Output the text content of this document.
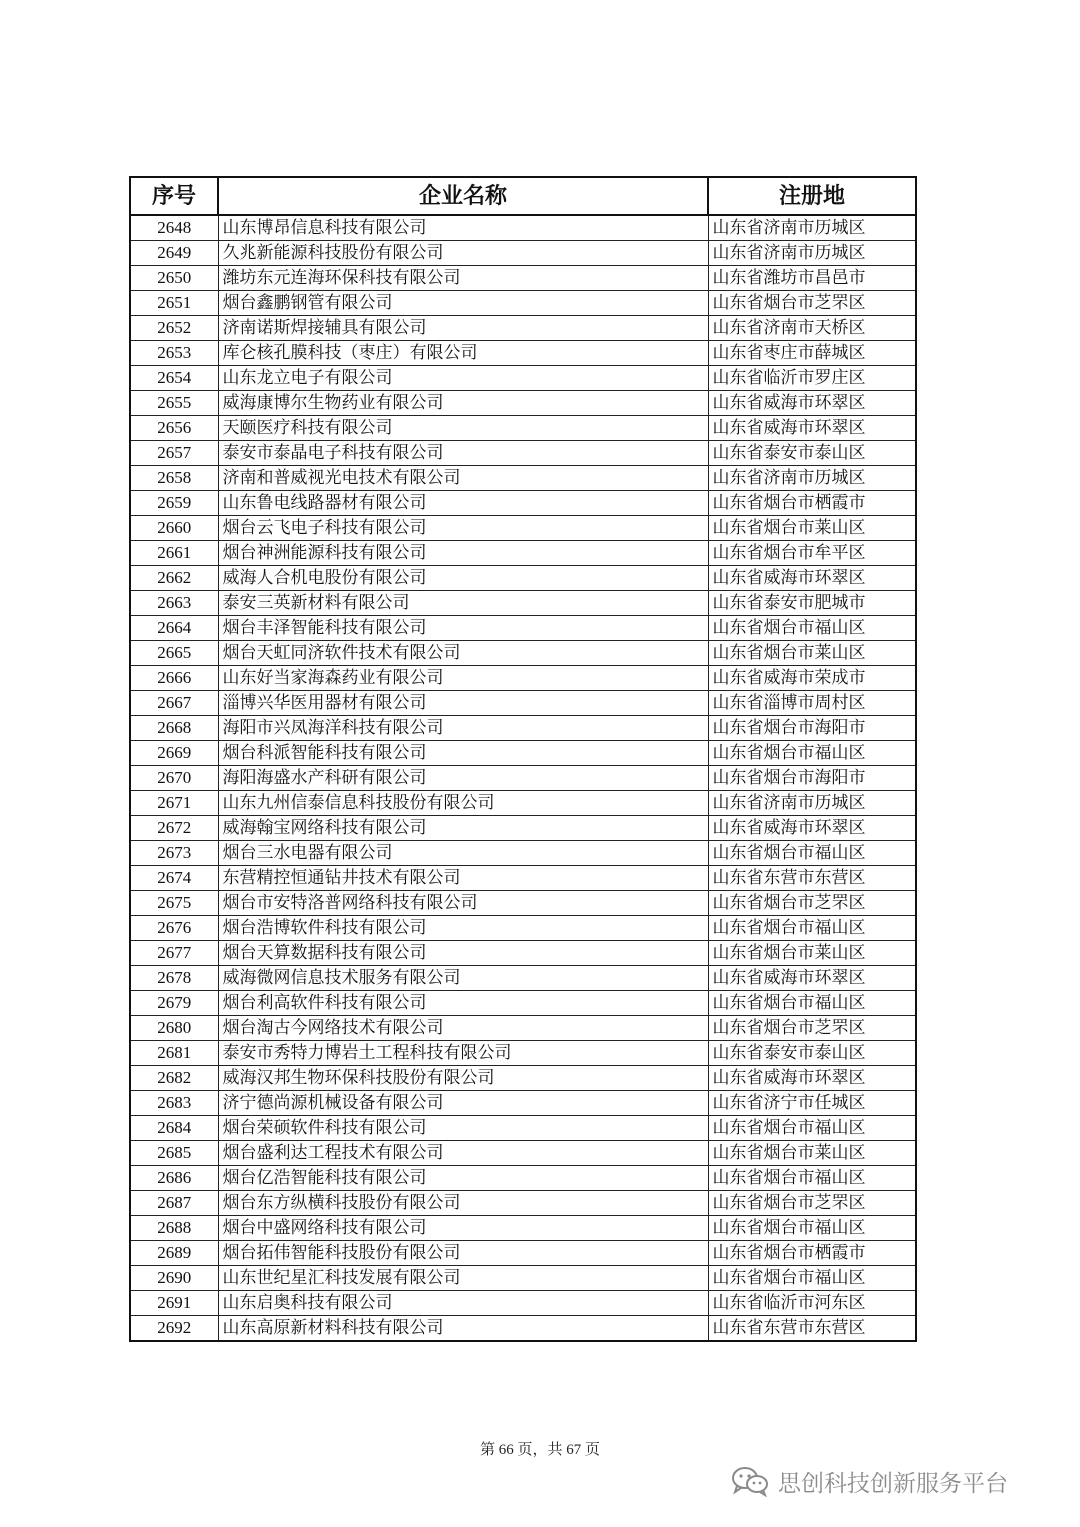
序号	企业名称	注册地
2648	山东博昂信息科技有限公司	山东省济南市历城区
2649	久兆新能源科技股份有限公司	山东省济南市历城区
2650	潍坊东元连海环保科技有限公司	山东省潍坊市昌邑市
2651	烟台鑫鹏钢管有限公司	山东省烟台市芝罘区
2652	济南诺斯焊接辅具有限公司	山东省济南市天桥区
2653	库仑核孔膜科技（枣庄）有限公司	山东省枣庄市薛城区
2654	山东龙立电子有限公司	山东省临沂市罗庄区
2655	威海康博尔生物药业有限公司	山东省威海市环翠区
2656	天颐医疗科技有限公司	山东省威海市环翠区
2657	泰安市泰晶电子科技有限公司	山东省泰安市泰山区
2658	济南和普威视光电技术有限公司	山东省济南市历城区
2659	山东鲁电线路器材有限公司	山东省烟台市栖霞市
2660	烟台云飞电子科技有限公司	山东省烟台市莱山区
2661	烟台神洲能源科技有限公司	山东省烟台市牟平区
2662	威海人合机电股份有限公司	山东省威海市环翠区
2663	泰安三英新材料有限公司	山东省泰安市肥城市
2664	烟台丰泽智能科技有限公司	山东省烟台市福山区
2665	烟台天虹同济软件技术有限公司	山东省烟台市莱山区
2666	山东好当家海森药业有限公司	山东省威海市荣成市
2667	淄博兴华医用器材有限公司	山东省淄博市周村区
2668	海阳市兴凤海洋科技有限公司	山东省烟台市海阳市
2669	烟台科派智能科技有限公司	山东省烟台市福山区
2670	海阳海盛水产科研有限公司	山东省烟台市海阳市
2671	山东九州信泰信息科技股份有限公司	山东省济南市历城区
2672	威海翰宝网络科技有限公司	山东省威海市环翠区
2673	烟台三水电器有限公司	山东省烟台市福山区
2674	东营精控恒通钻井技术有限公司	山东省东营市东营区
2675	烟台市安特洛普网络科技有限公司	山东省烟台市芝罘区
2676	烟台浩博软件科技有限公司	山东省烟台市福山区
2677	烟台天算数据科技有限公司	山东省烟台市莱山区
2678	威海微网信息技术服务有限公司	山东省威海市环翠区
2679	烟台利高软件科技有限公司	山东省烟台市福山区
2680	烟台淘古今网络技术有限公司	山东省烟台市芝罘区
2681	泰安市秀特力博岩土工程科技有限公司	山东省泰安市泰山区
2682	威海汉邦生物环保科技股份有限公司	山东省威海市环翠区
2683	济宁德尚源机械设备有限公司	山东省济宁市任城区
2684	烟台荣硕软件科技有限公司	山东省烟台市福山区
2685	烟台盛利达工程技术有限公司	山东省烟台市莱山区
2686	烟台亿浩智能科技有限公司	山东省烟台市福山区
2687	烟台东方纵横科技股份有限公司	山东省烟台市芝罘区
2688	烟台中盛网络科技有限公司	山东省烟台市福山区
2689	烟台拓伟智能科技股份有限公司	山东省烟台市栖霞市
2690	山东世纪星汇科技发展有限公司	山东省烟台市福山区
2691	山东启奥科技有限公司	山东省临沂市河东区
2692	山东高原新材料科技有限公司	山东省东营市东营区
第 66 页，共 67 页
思创科技创新服务平台
